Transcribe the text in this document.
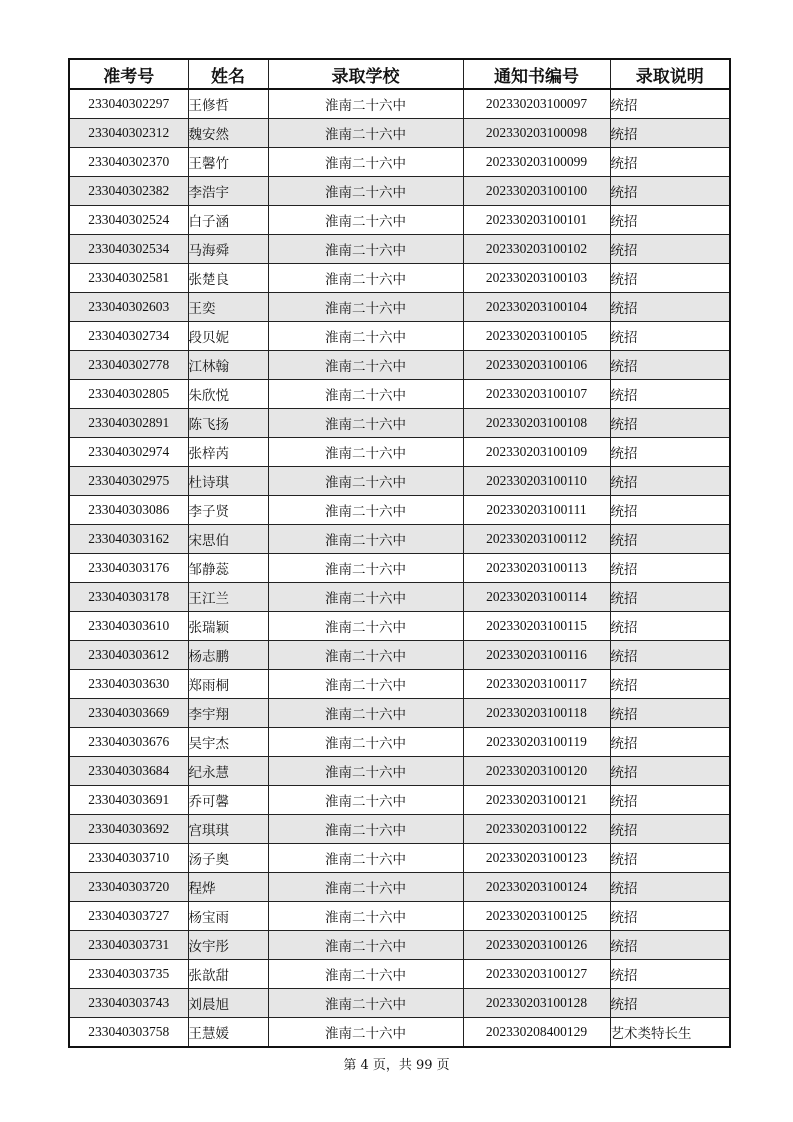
准考号	姓名	录取学校	通知书编号	录取说明
233040302297	王修哲	淮南二十六中	202330203100097	统招
233040302312	魏安然	淮南二十六中	202330203100098	统招
233040302370	王馨竹	淮南二十六中	202330203100099	统招
233040302382	李浩宇	淮南二十六中	202330203100100	统招
233040302524	白子涵	淮南二十六中	202330203100101	统招
233040302534	马海舜	淮南二十六中	202330203100102	统招
233040302581	张楚良	淮南二十六中	202330203100103	统招
233040302603	王奕	淮南二十六中	202330203100104	统招
233040302734	段贝妮	淮南二十六中	202330203100105	统招
233040302778	江林翰	淮南二十六中	202330203100106	统招
233040302805	朱欣悦	淮南二十六中	202330203100107	统招
233040302891	陈飞扬	淮南二十六中	202330203100108	统招
233040302974	张梓芮	淮南二十六中	202330203100109	统招
233040302975	杜诗琪	淮南二十六中	202330203100110	统招
233040303086	李子贤	淮南二十六中	202330203100111	统招
233040303162	宋思伯	淮南二十六中	202330203100112	统招
233040303176	邹静蕊	淮南二十六中	202330203100113	统招
233040303178	王江兰	淮南二十六中	202330203100114	统招
233040303610	张瑞颖	淮南二十六中	202330203100115	统招
233040303612	杨志鹏	淮南二十六中	202330203100116	统招
233040303630	郑雨桐	淮南二十六中	202330203100117	统招
233040303669	李宇翔	淮南二十六中	202330203100118	统招
233040303676	吴宇杰	淮南二十六中	202330203100119	统招
233040303684	纪永慧	淮南二十六中	202330203100120	统招
233040303691	乔可馨	淮南二十六中	202330203100121	统招
233040303692	宫琪琪	淮南二十六中	202330203100122	统招
233040303710	汤子奥	淮南二十六中	202330203100123	统招
233040303720	程烨	淮南二十六中	202330203100124	统招
233040303727	杨宝雨	淮南二十六中	202330203100125	统招
233040303731	汝宇彤	淮南二十六中	202330203100126	统招
233040303735	张歆甜	淮南二十六中	202330203100127	统招
233040303743	刘晨旭	淮南二十六中	202330203100128	统招
233040303758	王慧媛	淮南二十六中	202330208400129	艺术类特长生
第 4 页，共 99 页
